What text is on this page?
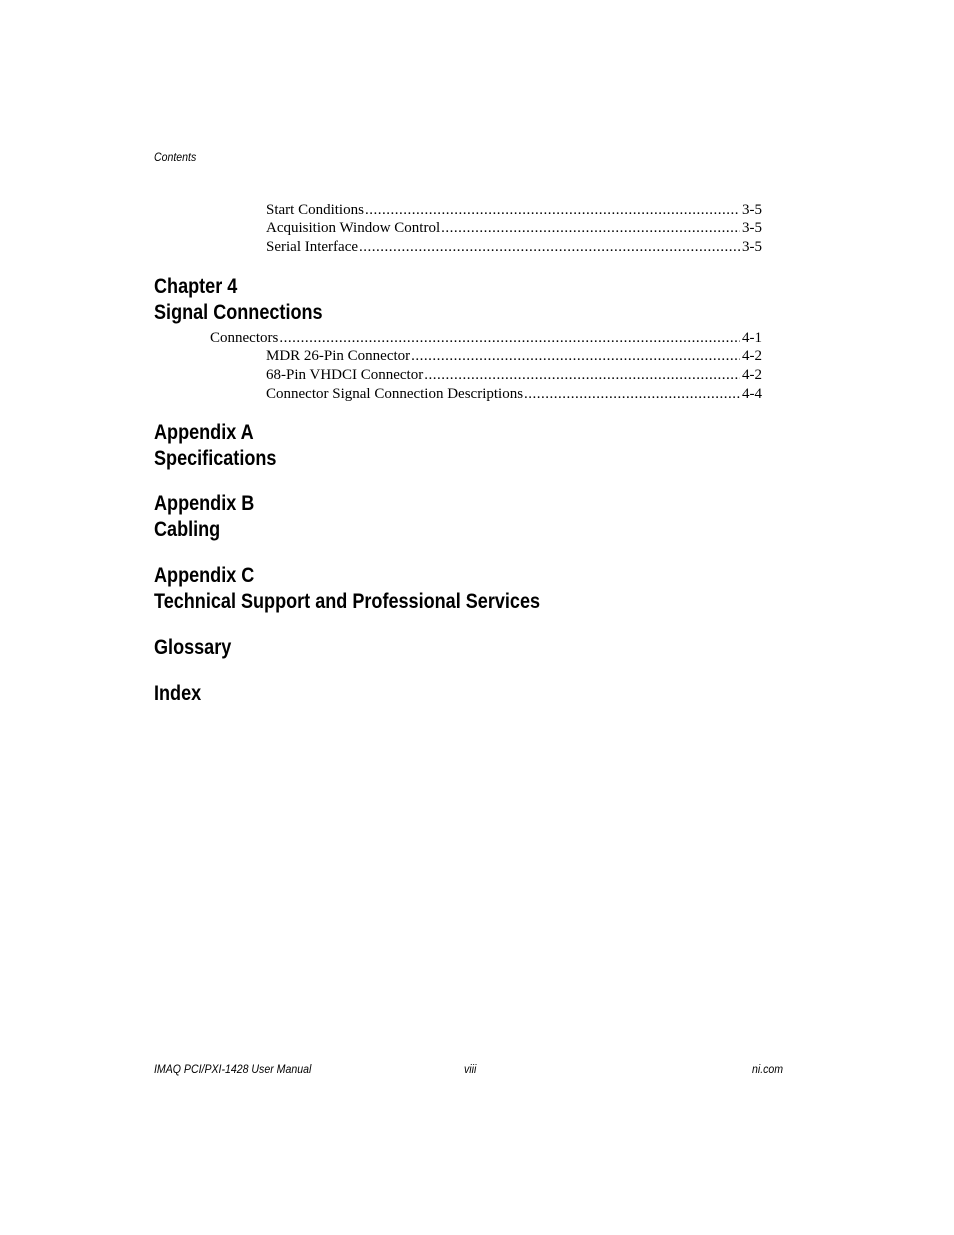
Contents
Start Conditions .....	3-5
Acquisition Window Control .....	3-5
Serial Interface .....	3-5
Chapter 4
Signal Connections
Connectors .....	4-1
MDR 26-Pin Connector .....	4-2
68-Pin VHDCI Connector .....	4-2
Connector Signal Connection Descriptions .....	4-4
Appendix A
Specifications
Appendix B
Cabling
Appendix C
Technical Support and Professional Services
Glossary
Index
IMAQ PCI/PXI-1428 User Manual	viii	ni.com
